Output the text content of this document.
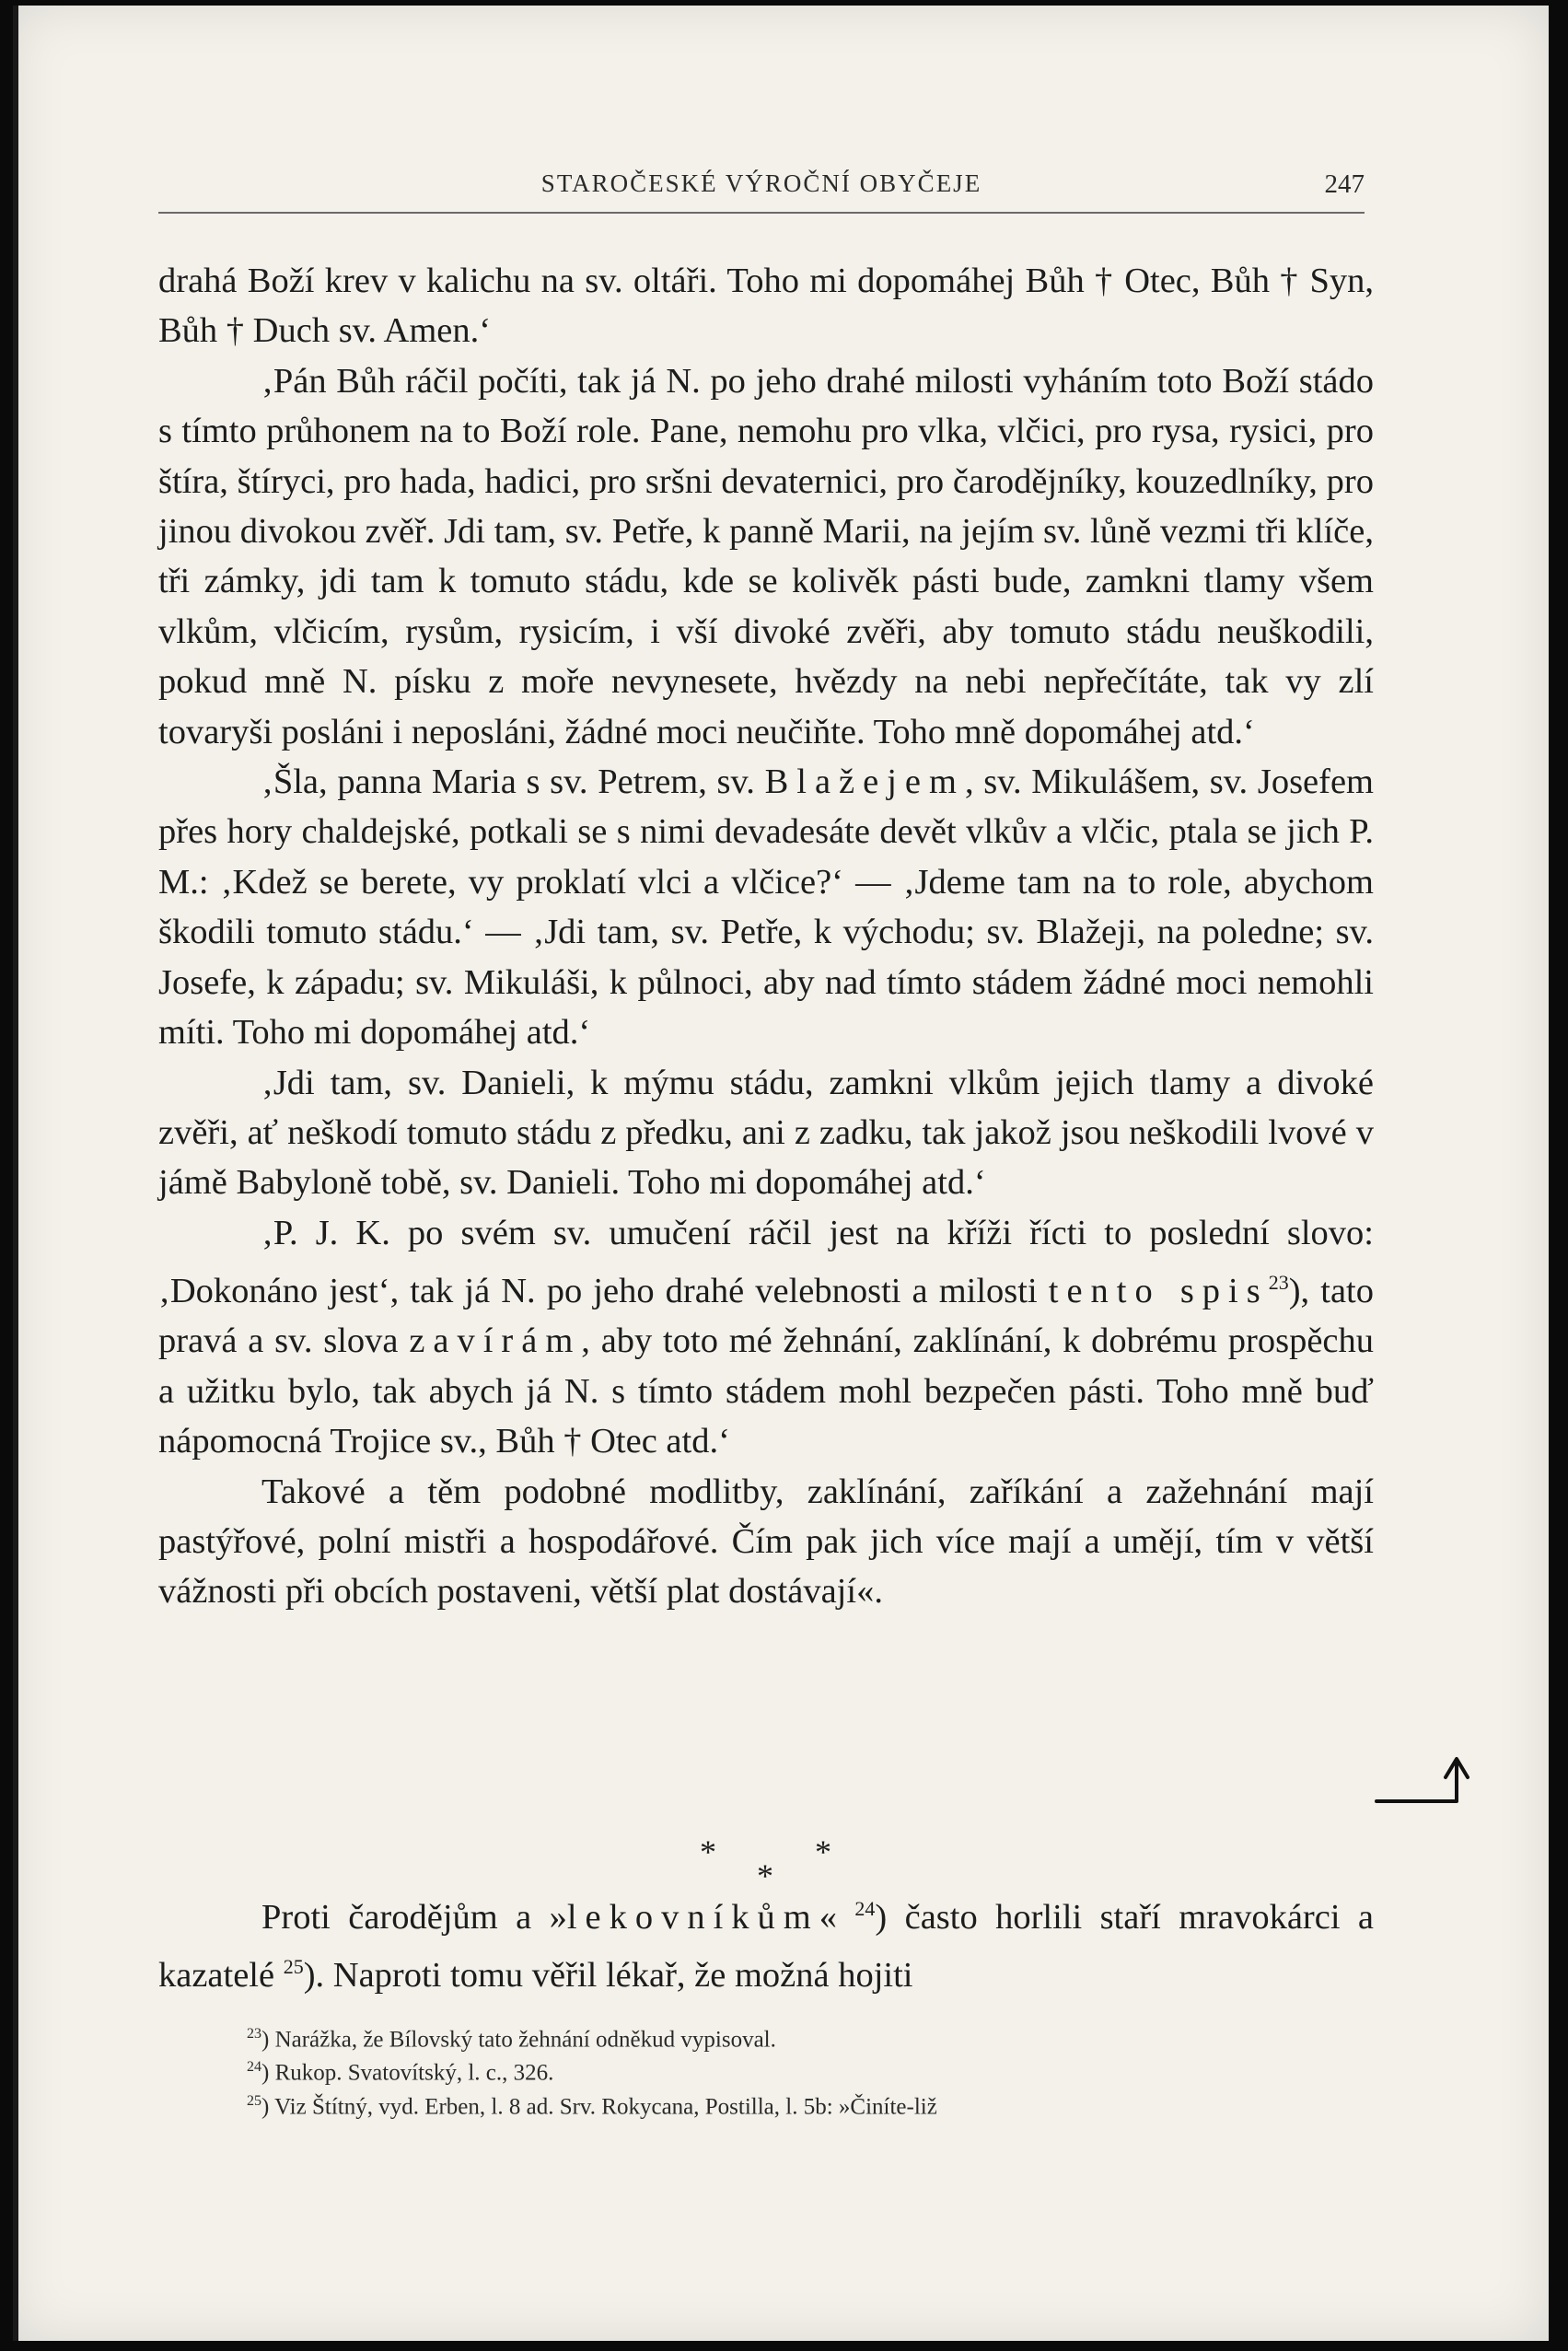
STAROČESKÉ VÝROČNÍ OBYČEJE	247

drahá Boží krev v kalichu na sv. oltáři. Toho mi dopomáhej Bůh † Otec, Bůh † Syn, Bůh † Duch sv. Amen.‘

‚Pán Bůh ráčil počíti, tak já N. po jeho drahé milosti vyháním toto Boží stádo s tímto průhonem na to Boží role. Pane, nemohu pro vlka, vlčici, pro rysa, rysici, pro štíra, štíryci, pro hada, hadici, pro sršni devaternici, pro čarodějníky, kouzedlníky, pro jinou divokou zvěř. Jdi tam, sv. Petře, k panně Marii, na jejím sv. lůně vezmi tři klíče, tři zámky, jdi tam k tomuto stádu, kde se kolivěk pásti bude, zamkni tlamy všem vlkům, vlčicím, rysům, rysicím, i vší divoké zvěři, aby tomuto stádu neuškodili, pokud mně N. písku z moře nevynesete, hvězdy na nebi nepřečítáte, tak vy zlí tovaryši posláni i neposláni, žádné moci neučiňte. Toho mně dopomáhej atd.‘

‚Šla, panna Maria s sv. Petrem, sv. Blažejem, sv. Mikulášem, sv. Josefem přes hory chaldejské, potkali se s nimi devadesáte devět vlkův a vlčic, ptala se jich P. M.: ‚Kdež se berete, vy proklatí vlci a vlčice?‘ — ‚Jdeme tam na to role, abychom škodili tomuto stádu.‘ — ‚Jdi tam, sv. Petře, k východu; sv. Blažeji, na poledne; sv. Josefe, k západu; sv. Mikuláši, k půlnoci, aby nad tímto stádem žádné moci nemohli míti. Toho mi dopomáhej atd.‘

‚Jdi tam, sv. Danieli, k mýmu stádu, zamkni vlkům jejich tlamy a divoké zvěři, ať neškodí tomuto stádu z předku, ani z zadku, tak jakož jsou neškodili lvové v jámě Babyloně tobě, sv. Danieli. Toho mi dopomáhej atd.‘

‚P. J. K. po svém sv. umučení ráčil jest na kříži řícti to poslední slovo: ‚Dokonáno jest‘, tak já N. po jeho drahé velebnosti a milosti tento spis$^{23}$), tato pravá a sv. slova zavírám, aby toto mé žehnání, zaklínání, k dobrému prospěchu a užitku bylo, tak abych já N. s tímto stádem mohl bezpečen pásti. Toho mně buď nápomocná Trojice sv., Bůh † Otec atd.‘

Takové a těm podobné modlitby, zaklínání, zaříkání a zažehnání mají pastýřové, polní mistři a hospodářové. Čím pak jich více mají a umějí, tím v větší vážnosti při obcích postaveni, větší plat dostávají«.

*	*
*
Proti čarodějům a »lekovníkům« $^{24}$) často horlili staří mravokárci a kazatelé $^{25}$). Naproti tomu věřil lékař, že možná hojiti
$^{23}$) Narážka, že Bílovský tato žehnání odněkud vypisoval.
$^{24}$) Rukop. Svatovítský, l. c., 326.
$^{25}$) Viz Štítný, vyd. Erben, l. 8 ad. Srv. Rokycana, Postilla, l. 5b: »Činíte-liž
